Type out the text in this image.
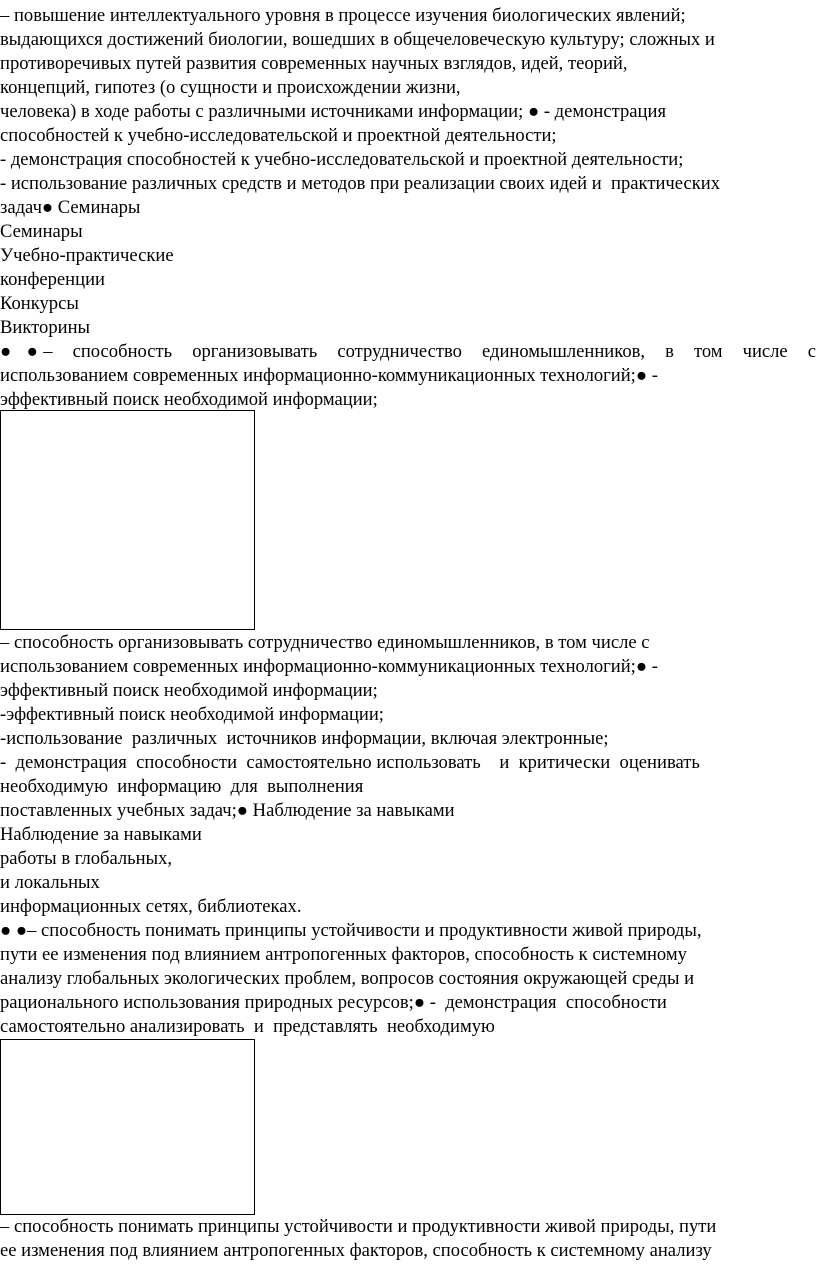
– повышение интеллектуального уровня в процессе изучения биологических явлений;
выдающихся достижений биологии, вошедших в общечеловеческую культуру; сложных и
противоречивых путей развития современных научных взглядов, идей, теорий,
концепций, гипотез (о сущности и происхождении жизни,
человека) в ходе работы с различными источниками информации; ● - демонстрация
способностей к учебно-исследовательской и проектной деятельности;
- демонстрация способностей к учебно-исследовательской и проектной деятельности;
- использование различных средств и методов при реализации своих идей и  практических
задач● Семинары
Семинары
Учебно-практические
конференции
Конкурсы
Викторины
● ●–  способность  организовывать  сотрудничество  единомышленников,  в  том  числе  с
использованием современных информационно-коммуникационных технологий;● -
эффективный поиск необходимой информации;
– способность организовывать сотрудничество единомышленников, в том числе с
использованием современных информационно-коммуникационных технологий;● -
эффективный поиск необходимой информации;
-эффективный поиск необходимой информации;
-использование  различных  источников информации, включая электронные;
-  демонстрация  способности  самостоятельно использовать    и  критически  оценивать
необходимую  информацию  для  выполнения
поставленных учебных задач;● Наблюдение за навыками
Наблюдение за навыками
работы в глобальных,
и локальных
информационных сетях, библиотеках.
● ●– способность понимать принципы устойчивости и продуктивности живой природы,
пути ее изменения под влиянием антропогенных факторов, способность к системному
анализу глобальных экологических проблем, вопросов состояния окружающей среды и
рационального использования природных ресурсов;● -  демонстрация  способности
самостоятельно анализировать  и  представлять  необходимую
– способность понимать принципы устойчивости и продуктивности живой природы, пути
ее изменения под влиянием антропогенных факторов, способность к системному анализу
